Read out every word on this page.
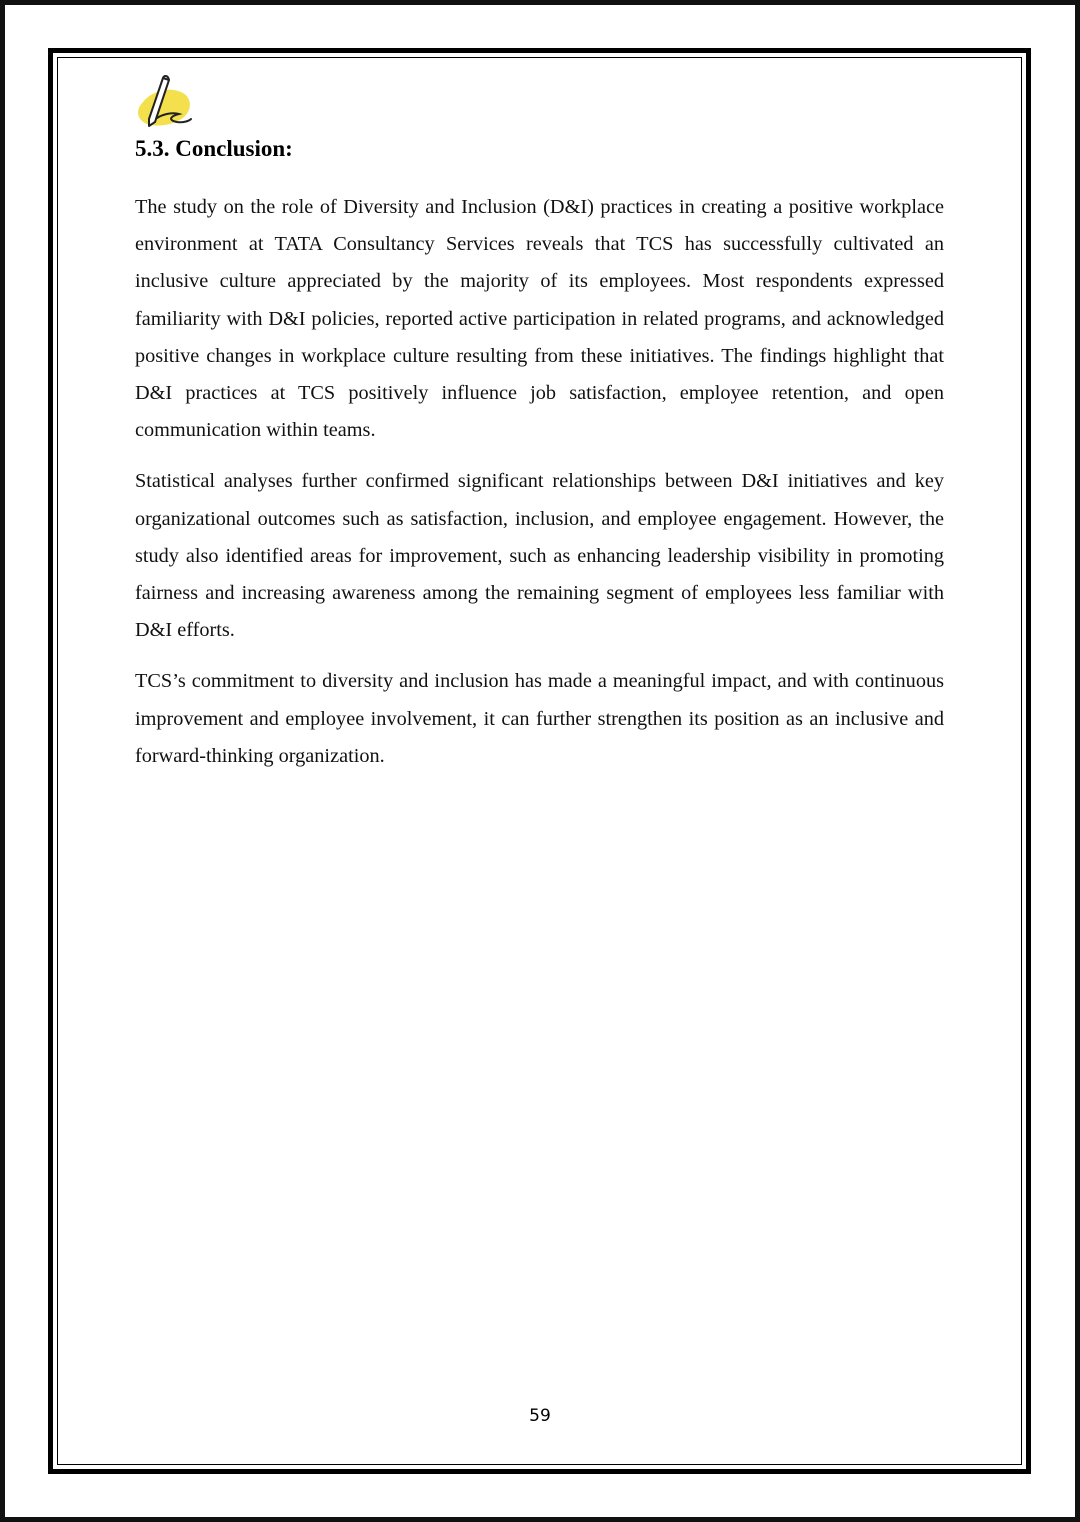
5.3. Conclusion:

The study on the role of Diversity and Inclusion (D&I) practices in creating a positive workplace environment at TATA Consultancy Services reveals that TCS has successfully cultivated an inclusive culture appreciated by the majority of its employees. Most respondents expressed familiarity with D&I policies, reported active participation in related programs, and acknowledged positive changes in workplace culture resulting from these initiatives. The findings highlight that D&I practices at TCS positively influence job satisfaction, employee retention, and open communication within teams.

Statistical analyses further confirmed significant relationships between D&I initiatives and key organizational outcomes such as satisfaction, inclusion, and employee engagement. However, the study also identified areas for improvement, such as enhancing leadership visibility in promoting fairness and increasing awareness among the remaining segment of employees less familiar with D&I efforts.

TCS’s commitment to diversity and inclusion has made a meaningful impact, and with continuous improvement and employee involvement, it can further strengthen its position as an inclusive and forward-thinking organization.

59
